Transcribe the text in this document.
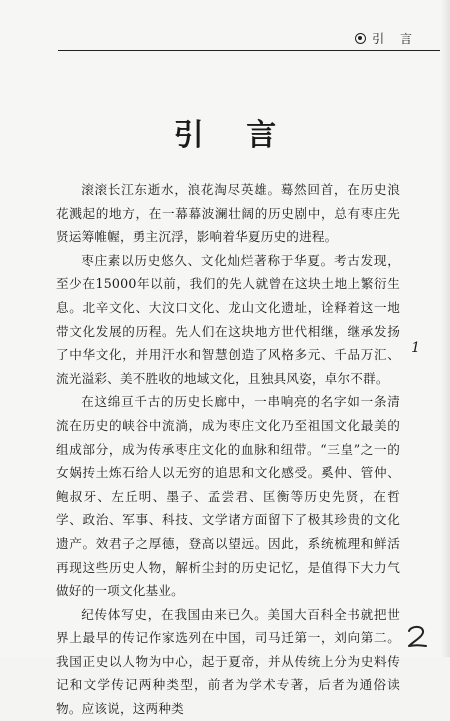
引 言
引 言

滚滚长江东逝水，浪花淘尽英雄。蓦然回首，在历史浪花溅起的地方，在一幕幕波澜壮阔的历史剧中，总有枣庄先贤运筹帷幄，勇主沉浮，影响着华夏历史的进程。

枣庄素以历史悠久、文化灿烂著称于华夏。考古发现，至少在15000年以前，我们的先人就曾在这块土地上繁衍生息。北辛文化、大汶口文化、龙山文化遗址，诠释着这一地带文化发展的历程。先人们在这块地方世代相继，继承发扬了中华文化，并用汗水和智慧创造了风格多元、千品万汇、流光溢彩、美不胜收的地域文化，且独具风姿，卓尔不群。

在这绵亘千古的历史长廊中，一串响亮的名字如一条清流在历史的峡谷中流淌，成为枣庄文化乃至祖国文化最美的组成部分，成为传承枣庄文化的血脉和纽带。“三皇”之一的女娲抟土炼石给人以无穷的追思和文化感受。奚仲、管仲、鲍叔牙、左丘明、墨子、孟尝君、匡衡等历史先贤，在哲学、政治、军事、科技、文学诸方面留下了极其珍贵的文化遗产。效君子之厚德，登高以望远。因此，系统梳理和鲜活再现这些历史人物，解析尘封的历史记忆，是值得下大力气做好的一项文化基业。

纪传体写史，在我国由来已久。美国大百科全书就把世界上最早的传记作家选列在中国，司马迁第一，刘向第二。我国正史以人物为中心，起于夏帝，并从传统上分为史料传记和文学传记两种类型，前者为学术专著，后者为通俗读物。应该说，这两种类

1
